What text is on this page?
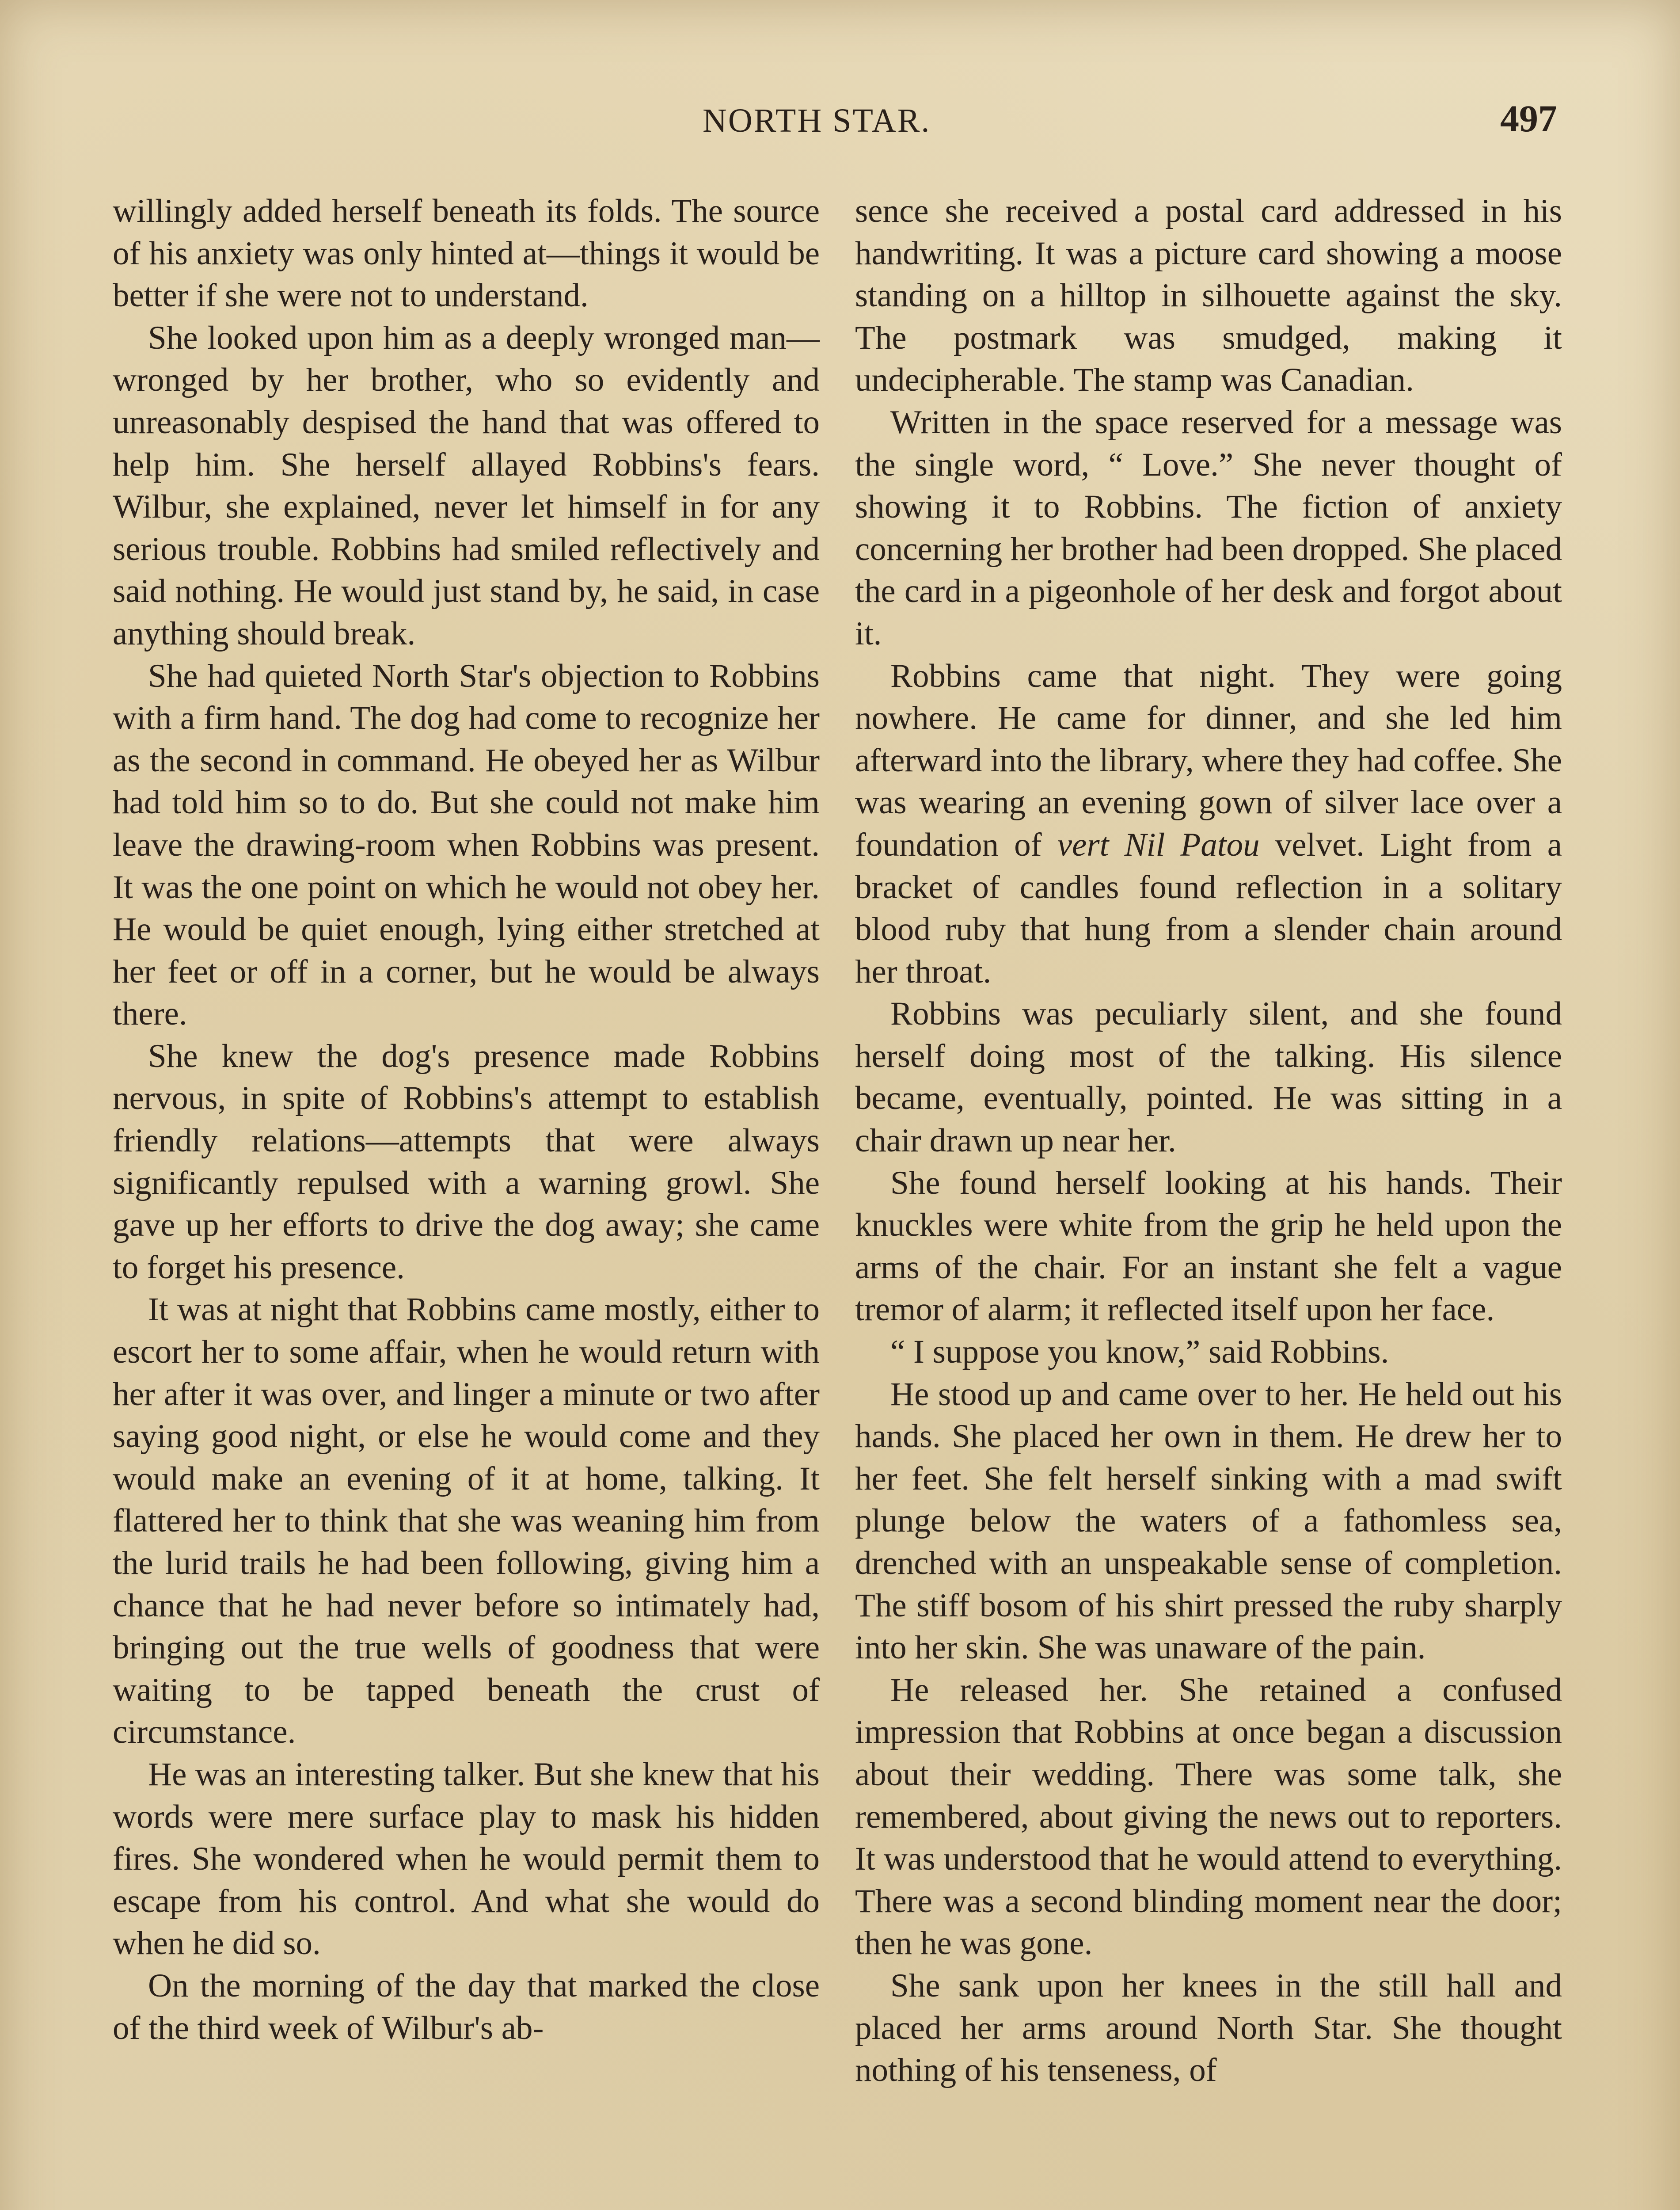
NORTH STAR.	497

willingly added herself beneath its folds. The source of his anxiety was only hinted at—things it would be better if she were not to understand.

She looked upon him as a deeply wronged man—wronged by her brother, who so evidently and unreasonably despised the hand that was offered to help him. She herself allayed Robbins's fears. Wilbur, she explained, never let himself in for any serious trouble. Robbins had smiled reflectively and said nothing. He would just stand by, he said, in case anything should break.

She had quieted North Star's objection to Robbins with a firm hand. The dog had come to recognize her as the second in command. He obeyed her as Wilbur had told him so to do. But she could not make him leave the drawing-room when Robbins was present. It was the one point on which he would not obey her. He would be quiet enough, lying either stretched at her feet or off in a corner, but he would be always there.

She knew the dog's presence made Robbins nervous, in spite of Robbins's attempt to establish friendly relations—attempts that were always significantly repulsed with a warning growl. She gave up her efforts to drive the dog away; she came to forget his presence.

It was at night that Robbins came mostly, either to escort her to some affair, when he would return with her after it was over, and linger a minute or two after saying good night, or else he would come and they would make an evening of it at home, talking. It flattered her to think that she was weaning him from the lurid trails he had been following, giving him a chance that he had never before so intimately had, bringing out the true wells of goodness that were waiting to be tapped beneath the crust of circumstance.

He was an interesting talker. But she knew that his words were mere surface play to mask his hidden fires. She wondered when he would permit them to escape from his control. And what she would do when he did so.

On the morning of the day that marked the close of the third week of Wilbur's ab-

sence she received a postal card addressed in his handwriting. It was a picture card showing a moose standing on a hilltop in silhouette against the sky. The postmark was smudged, making it undecipherable. The stamp was Canadian.

Written in the space reserved for a message was the single word, “ Love.” She never thought of showing it to Robbins. The fiction of anxiety concerning her brother had been dropped. She placed the card in a pigeonhole of her desk and forgot about it.

Robbins came that night. They were going nowhere. He came for dinner, and she led him afterward into the library, where they had coffee. She was wearing an evening gown of silver lace over a foundation of vert Nil Patou velvet. Light from a bracket of candles found reflection in a solitary blood ruby that hung from a slender chain around her throat.

Robbins was peculiarly silent, and she found herself doing most of the talking. His silence became, eventually, pointed. He was sitting in a chair drawn up near her.

She found herself looking at his hands. Their knuckles were white from the grip he held upon the arms of the chair. For an instant she felt a vague tremor of alarm; it reflected itself upon her face.

“ I suppose you know,” said Robbins.

He stood up and came over to her. He held out his hands. She placed her own in them. He drew her to her feet. She felt herself sinking with a mad swift plunge below the waters of a fathomless sea, drenched with an unspeakable sense of completion. The stiff bosom of his shirt pressed the ruby sharply into her skin. She was unaware of the pain.

He released her. She retained a confused impression that Robbins at once began a discussion about their wedding. There was some talk, she remembered, about giving the news out to reporters. It was understood that he would attend to everything. There was a second blinding moment near the door; then he was gone.

She sank upon her knees in the still hall and placed her arms around North Star. She thought nothing of his tenseness, of
